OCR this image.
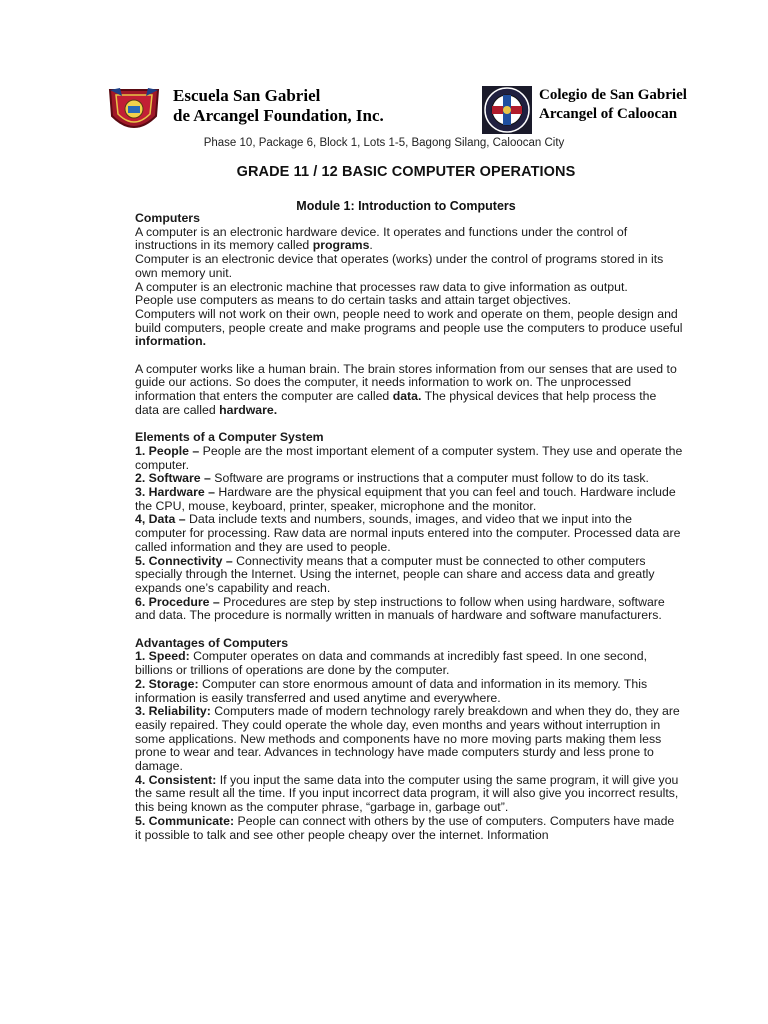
Escuela San Gabriel
de Arcangel Foundation, Inc.
Colegio de San Gabriel
Arcangel of Caloocan
Phase 10, Package 6, Block 1, Lots 1-5, Bagong Silang, Caloocan City
GRADE 11 / 12 BASIC COMPUTER OPERATIONS
Module 1: Introduction to Computers

Computers

A computer is an electronic hardware device. It operates and functions under the control of instructions in its memory called programs.

Computer is an electronic device that operates (works) under the control of programs stored in its own memory unit.

A computer is an electronic machine that processes raw data to give information as output.

People use computers as means to do certain tasks and attain target objectives.

Computers will not work on their own, people need to work and operate on them, people design and build computers, people create and make programs and people use the computers to produce useful information.

A computer works like a human brain. The brain stores information from our senses that are used to guide our actions. So does the computer, it needs information to work on. The unprocessed information that enters the computer are called data. The physical devices that help process the data are called hardware.

Elements of a Computer System

1. People – People are the most important element of a computer system. They use and operate the computer.

2. Software – Software are programs or instructions that a computer must follow to do its task.

3. Hardware – Hardware are the physical equipment that you can feel and touch. Hardware include the CPU, mouse, keyboard, printer, speaker, microphone and the monitor.

4, Data – Data include texts and numbers, sounds, images, and video that we input into the computer for processing. Raw data are normal inputs entered into the computer. Processed data are called information and they are used to people.

5. Connectivity – Connectivity means that a computer must be connected to other computers specially through the Internet. Using the internet, people can share and access data and greatly expands one’s capability and reach.

6. Procedure – Procedures are step by step instructions to follow when using hardware, software and data. The procedure is normally written in manuals of hardware and software manufacturers.

Advantages of Computers

1. Speed: Computer operates on data and commands at incredibly fast speed. In one second, billions or trillions of operations are done by the computer.

2. Storage: Computer can store enormous amount of data and information in its memory. This information is easily transferred and used anytime and everywhere.

3. Reliability: Computers made of modern technology rarely breakdown and when they do, they are easily repaired. They could operate the whole day, even months and years without interruption in some applications. New methods and components have no more moving parts making them less prone to wear and tear. Advances in technology have made computers sturdy and less prone to damage.

4. Consistent: If you input the same data into the computer using the same program, it will give you the same result all the time. If you input incorrect data program, it will also give you incorrect results, this being known as the computer phrase, “garbage in, garbage out”.

5. Communicate: People can connect with others by the use of computers. Computers have made it possible to talk and see other people cheapy over the internet. Information
